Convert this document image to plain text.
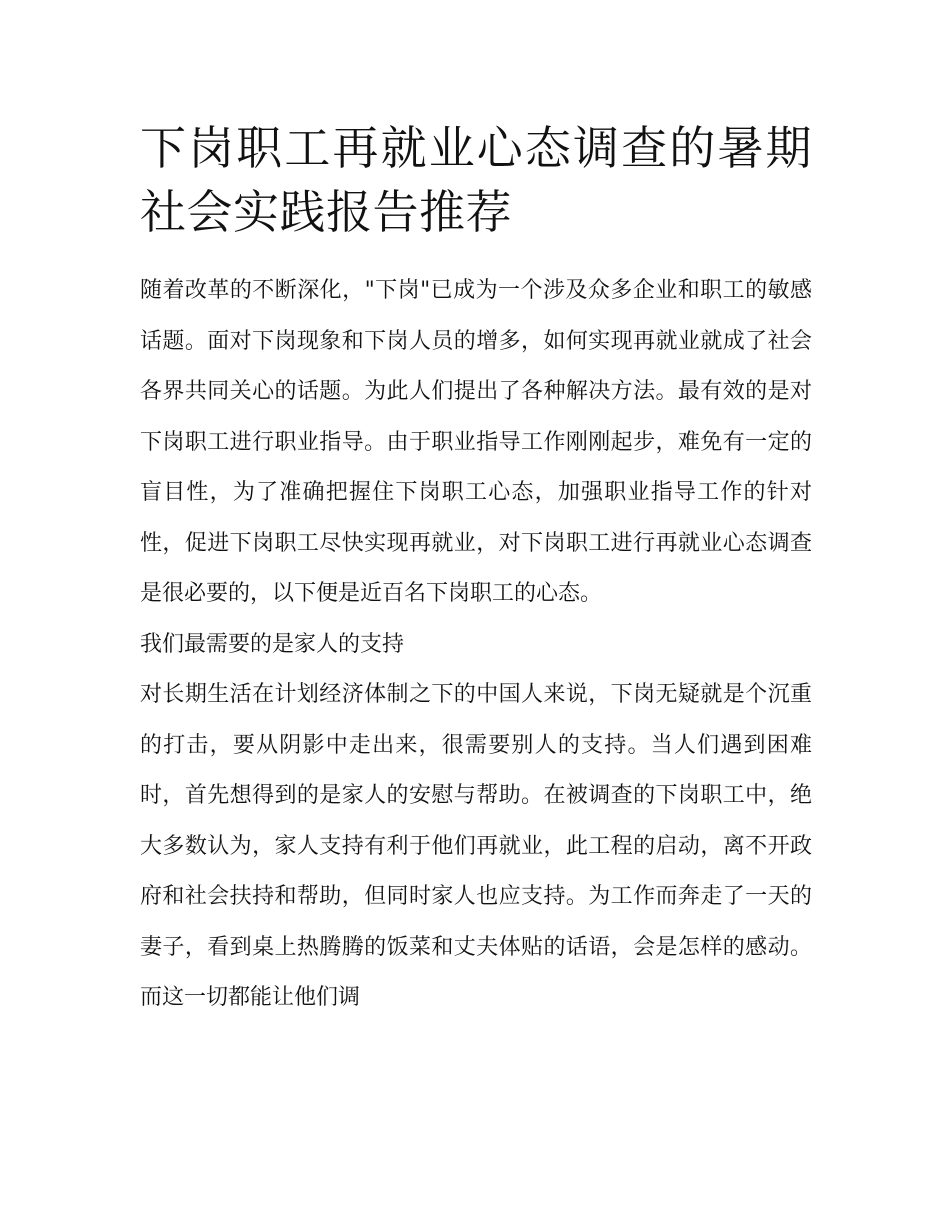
下岗职工再就业心态调查的暑期社会实践报告推荐

随着改革的不断深化，"下岗"已成为一个涉及众多企业和职工的敏感话题。面对下岗现象和下岗人员的增多，如何实现再就业就成了社会各界共同关心的话题。为此人们提出了各种解决方法。最有效的是对下岗职工进行职业指导。由于职业指导工作刚刚起步，难免有一定的盲目性，为了准确把握住下岗职工心态，加强职业指导工作的针对性，促进下岗职工尽快实现再就业，对下岗职工进行再就业心态调查是很必要的，以下便是近百名下岗职工的心态。

我们最需要的是家人的支持

对长期生活在计划经济体制之下的中国人来说，下岗无疑就是个沉重的打击，要从阴影中走出来，很需要别人的支持。当人们遇到困难时，首先想得到的是家人的安慰与帮助。在被调查的下岗职工中，绝大多数认为，家人支持有利于他们再就业，此工程的启动，离不开政府和社会扶持和帮助，但同时家人也应支持。为工作而奔走了一天的妻子，看到桌上热腾腾的饭菜和丈夫体贴的话语，会是怎样的感动。而这一切都能让他们调
